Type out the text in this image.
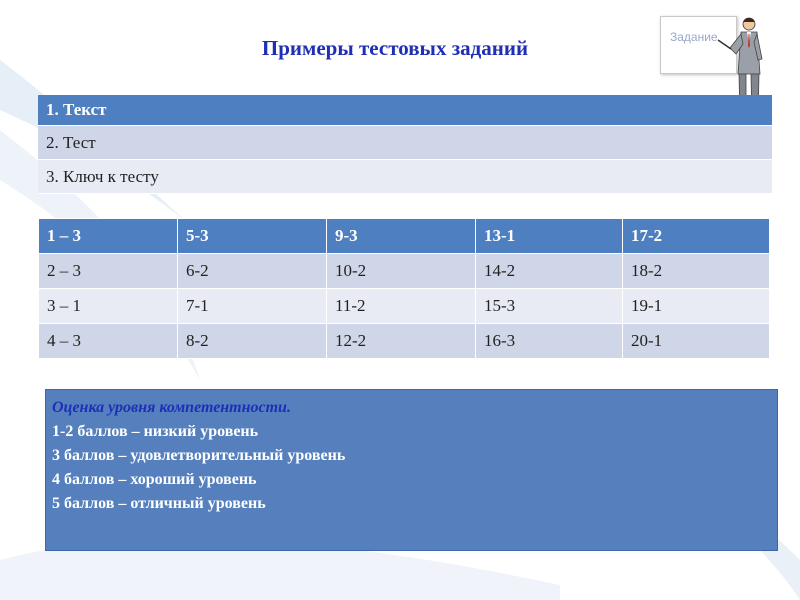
Примеры тестовых заданий	Задание
1. Текст
2. Тест
3. Ключ к тесту
1 – 3	5-3	9-3	13-1	17-2
2 – 3	6-2	10-2	14-2	18-2
3 – 1	7-1	11-2	15-3	19-1
4 – 3	8-2	12-2	16-3	20-1
Оценка уровня компетентности.
1-2 баллов – низкий уровень
3 баллов – удовлетворительный уровень
4 баллов – хороший уровень
5 баллов – отличный уровень
